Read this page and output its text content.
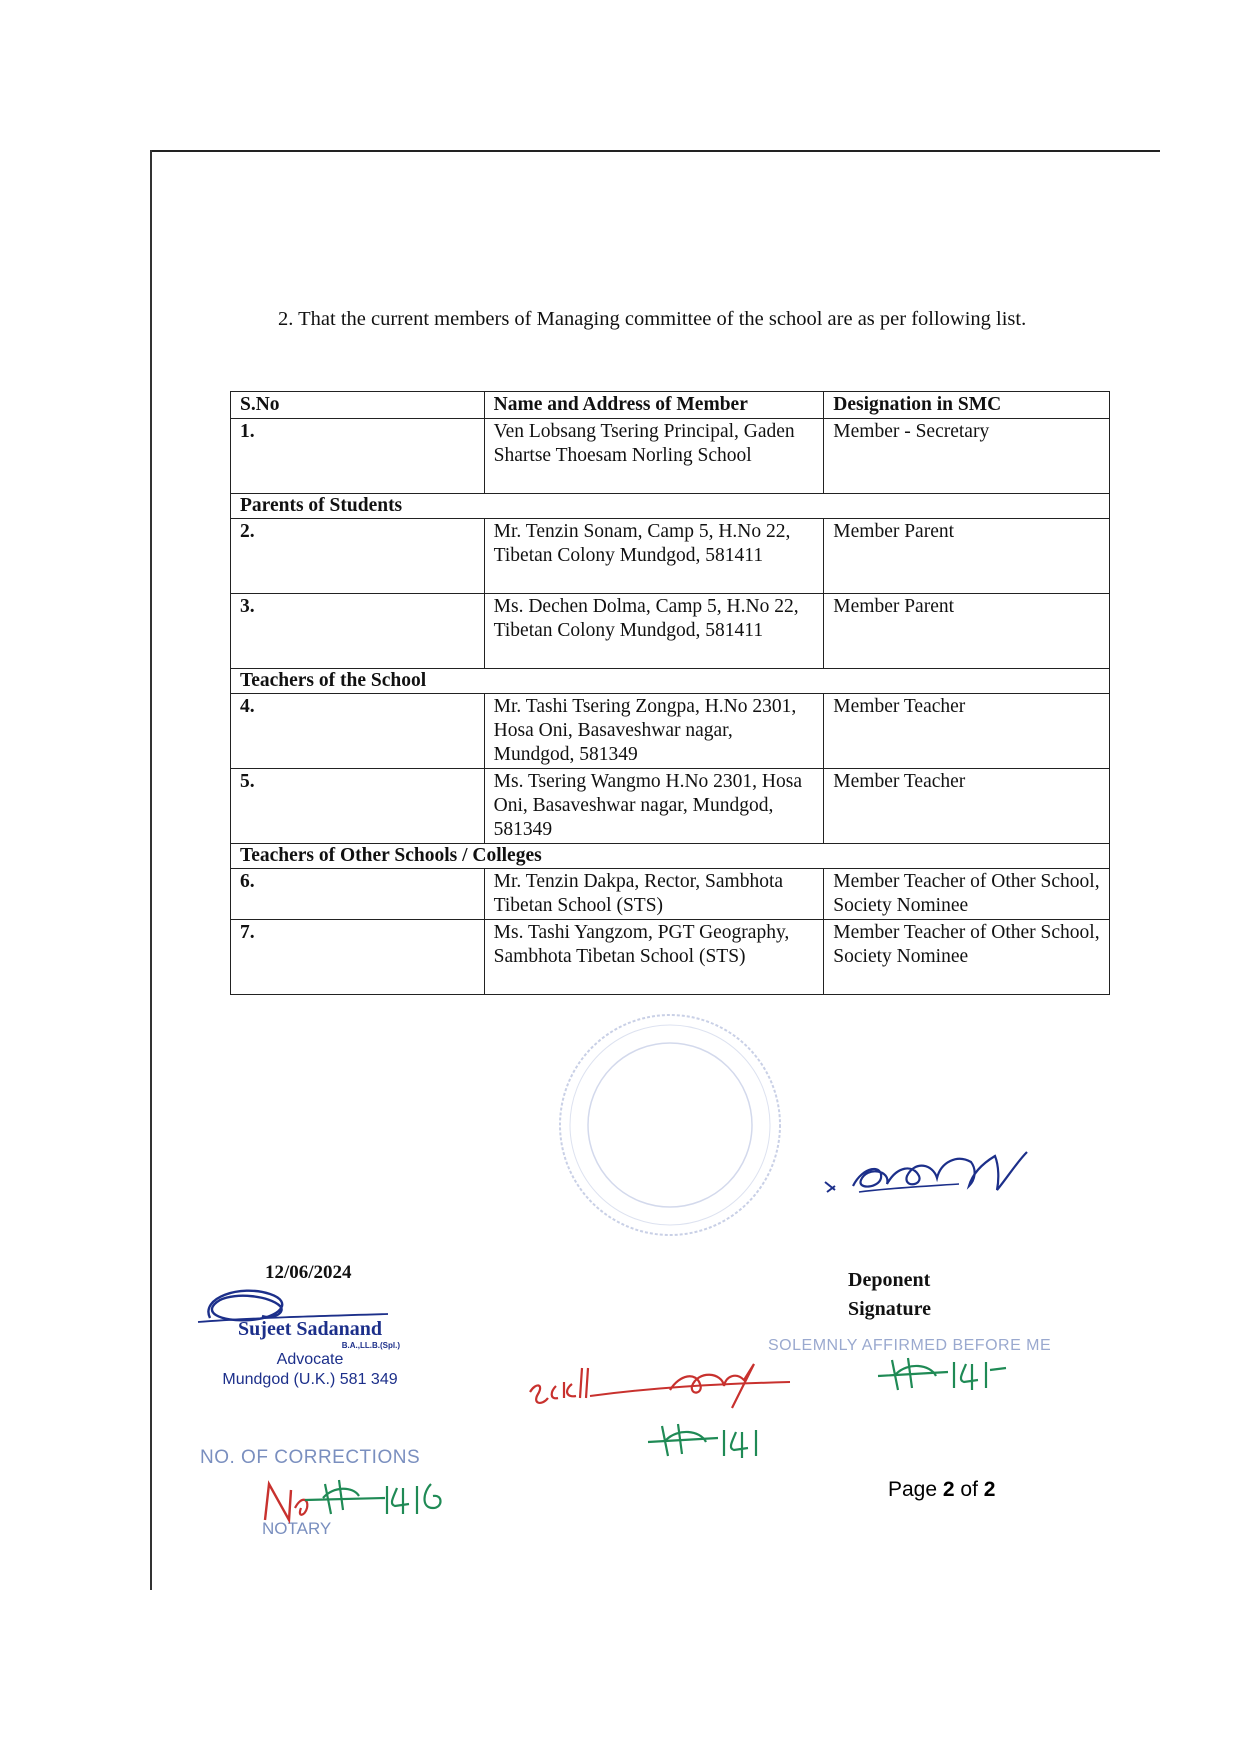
2. That the current members of Managing committee of the school are as per following list.
S.No	Name and Address of Member	Designation in SMC
1.	Ven Lobsang Tsering Principal, Gaden Shartse Thoesam Norling School	Member - Secretary
Parents of Students		
2.	Mr. Tenzin Sonam, Camp 5, H.No 22, Tibetan Colony Mundgod, 581411	Member Parent
3.	Ms. Dechen Dolma, Camp 5, H.No 22, Tibetan Colony Mundgod, 581411	Member Parent
Teachers of the School		
4.	Mr. Tashi Tsering Zongpa, H.No 2301, Hosa Oni, Basaveshwar nagar, Mundgod, 581349	Member Teacher
5.	Ms. Tsering Wangmo H.No 2301, Hosa Oni, Basaveshwar nagar, Mundgod, 581349	Member Teacher
Teachers of Other Schools / Colleges		
6.	Mr. Tenzin Dakpa, Rector, Sambhota Tibetan School (STS)	Member Teacher of Other School, Society Nominee
7.	Ms. Tashi Yangzom, PGT Geography, Sambhota Tibetan School (STS)	Member Teacher of Other School, Society Nominee
12/06/2024	Deponent
Signature
Sujeet Sadanand
B.A.,LL.B.(Spl.)
Advocate
Mundgod (U.K.) 581 349
NO. OF CORRECTIONS
NOTARY

SOLEMNLY AFFIRMED BEFORE ME
Page 2 of 2
